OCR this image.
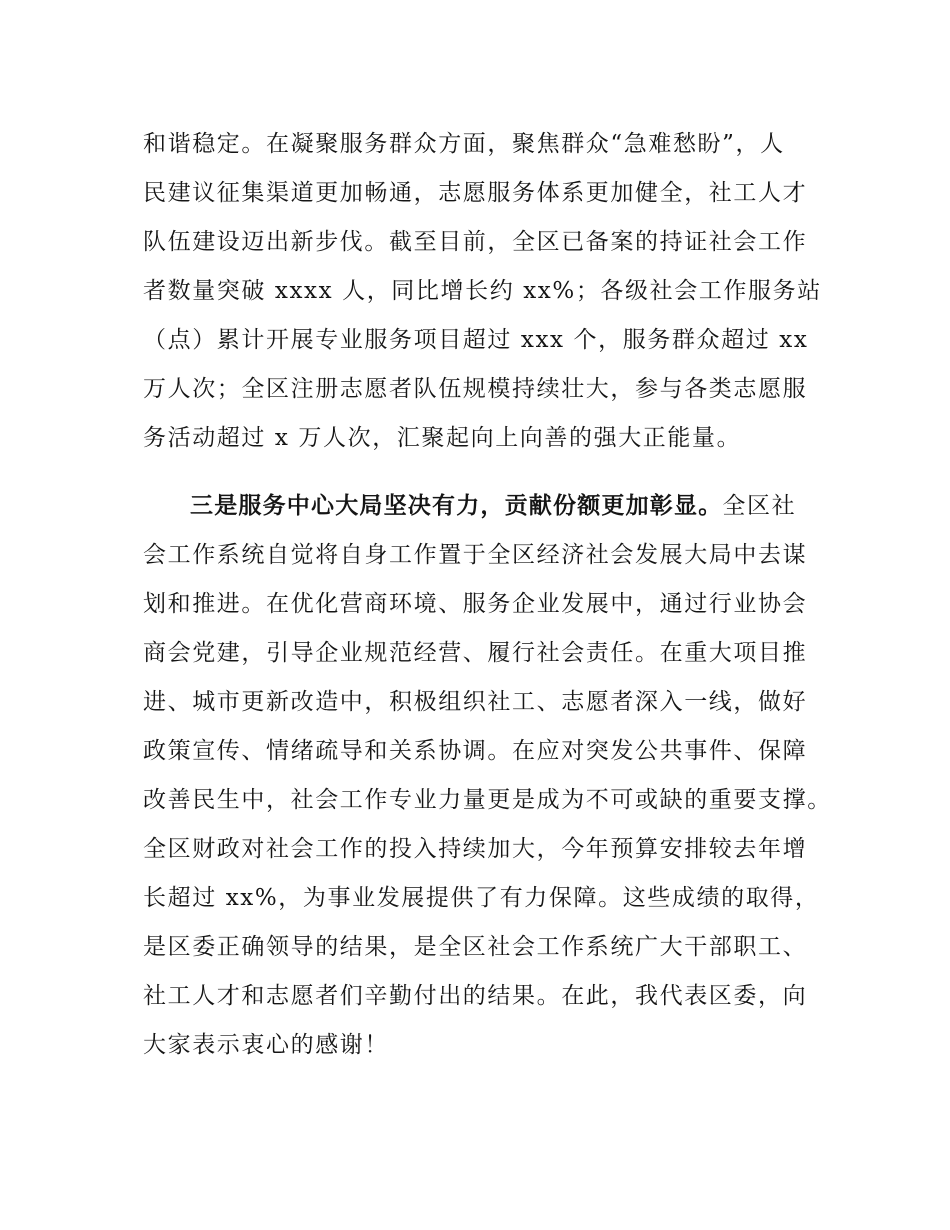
和谐稳定。在凝聚服务群众方面，聚焦群众“急难愁盼”，人
民建议征集渠道更加畅通，志愿服务体系更加健全，社工人才
队伍建设迈出新步伐。截至目前，全区已备案的持证社会工作
者数量突破 xxxx 人，同比增长约 xx%；各级社会工作服务站
（点）累计开展专业服务项目超过 xxx 个，服务群众超过 xx
万人次；全区注册志愿者队伍规模持续壮大，参与各类志愿服
务活动超过 x 万人次，汇聚起向上向善的强大正能量。
三是服务中心大局坚决有力，贡献份额更加彰显。全区社
会工作系统自觉将自身工作置于全区经济社会发展大局中去谋
划和推进。在优化营商环境、服务企业发展中，通过行业协会
商会党建，引导企业规范经营、履行社会责任。在重大项目推
进、城市更新改造中，积极组织社工、志愿者深入一线，做好
政策宣传、情绪疏导和关系协调。在应对突发公共事件、保障
改善民生中，社会工作专业力量更是成为不可或缺的重要支撑。
全区财政对社会工作的投入持续加大，今年预算安排较去年增
长超过 xx%，为事业发展提供了有力保障。这些成绩的取得，
是区委正确领导的结果，是全区社会工作系统广大干部职工、
社工人才和志愿者们辛勤付出的结果。在此，我代表区委，向
大家表示衷心的感谢！
